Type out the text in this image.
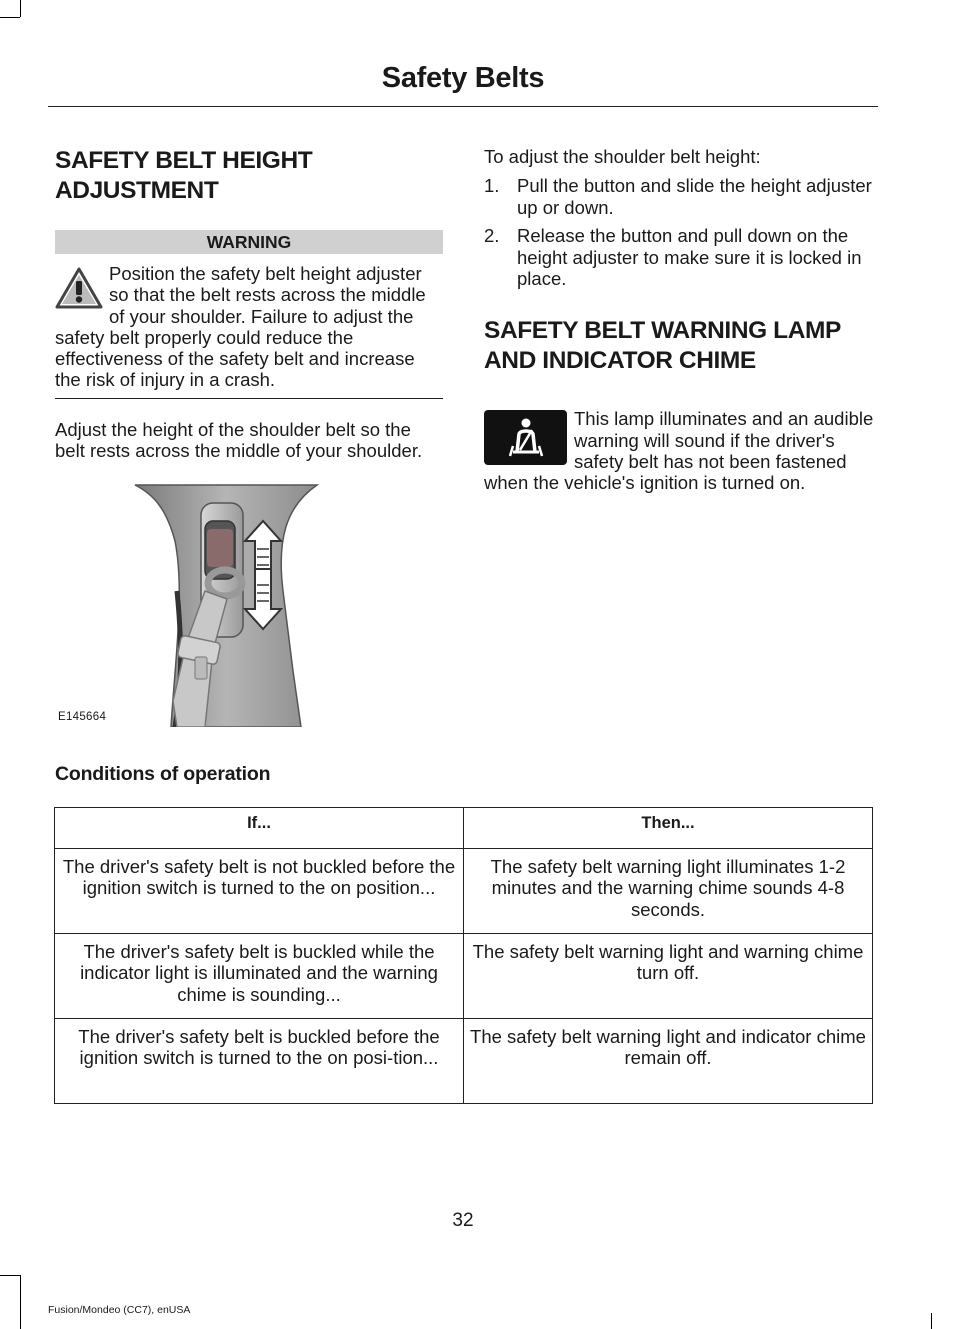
Safety Belts
SAFETY BELT HEIGHT ADJUSTMENT
WARNING

Position the safety belt height adjuster so that the belt rests across the middle of your shoulder. Failure to adjust the safety belt properly could reduce the effectiveness of the safety belt and increase the risk of injury in a crash.

Adjust the height of the shoulder belt so the belt rests across the middle of your shoulder.

E145664

To adjust the shoulder belt height:

1. Pull the button and slide the height adjuster up or down.
2. Release the button and pull down on the height adjuster to make sure it is locked in place.
SAFETY BELT WARNING LAMP AND INDICATOR CHIME

This lamp illuminates and an audible warning will sound if the driver's safety belt has not been fastened when the vehicle's ignition is turned on.

Conditions of operation
If...	Then...
The driver's safety belt is not buckled before the ignition switch is turned to the on position...	The safety belt warning light illuminates 1-2 minutes and the warning chime sounds 4-8 seconds.
The driver's safety belt is buckled while the indicator light is illuminated and the warning chime is sounding...	The safety belt warning light and warning chime turn off.
The driver's safety belt is buckled before the ignition switch is turned to the on posi-tion...	The safety belt warning light and indicator chime remain off.
32
Fusion/Mondeo (CC7), enUSA
